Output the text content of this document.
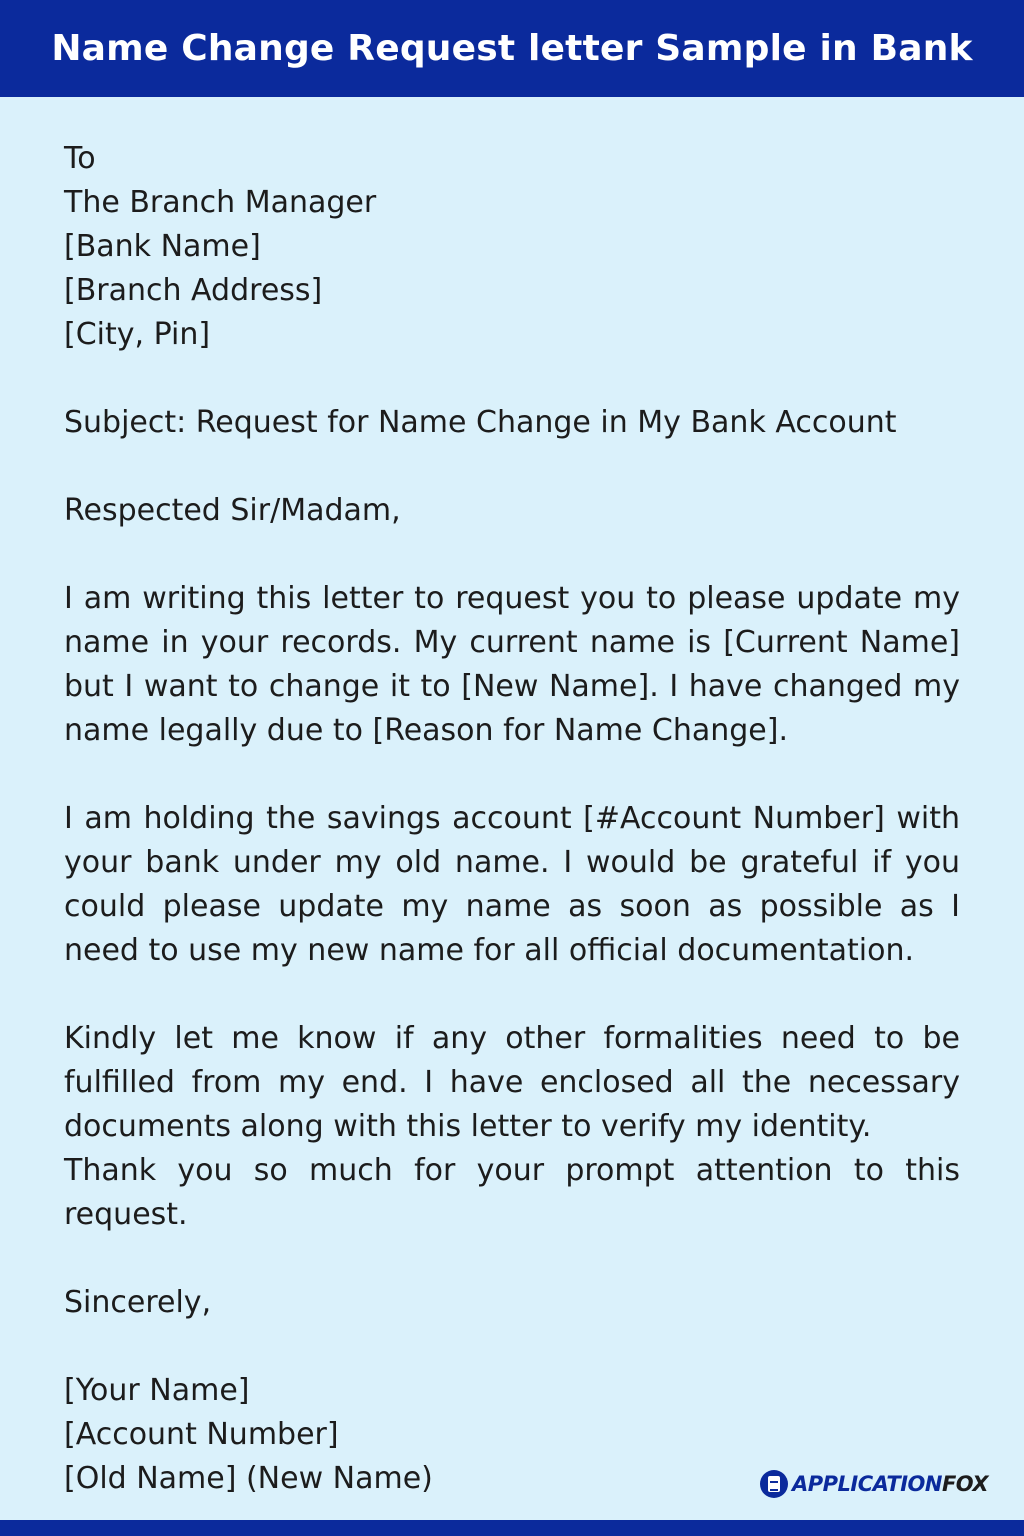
Name Change Request letter Sample in Bank
To
The Branch Manager
[Bank Name]
[Branch Address]
[City, Pin]
Subject: Request for Name Change in My Bank Account
Respected Sir/Madam,

I am writing this letter to request you to please update my name in your records. My current name is [Current Name] but I want to change it to [New Name]. I have changed my name legally due to [Reason for Name Change].

I am holding the savings account [#Account Number] with your bank under my old name. I would be grateful if you could please update my name as soon as possible as I need to use my new name for all official documentation.

Kindly let me know if any other formalities need to be fulfilled from my end. I have enclosed all the necessary documents along with this letter to verify my identity.

Thank you so much for your prompt attention to this request.

Sincerely,
[Your Name]
[Account Number]
[Old Name] (New Name)	APPLICATIONFOX
